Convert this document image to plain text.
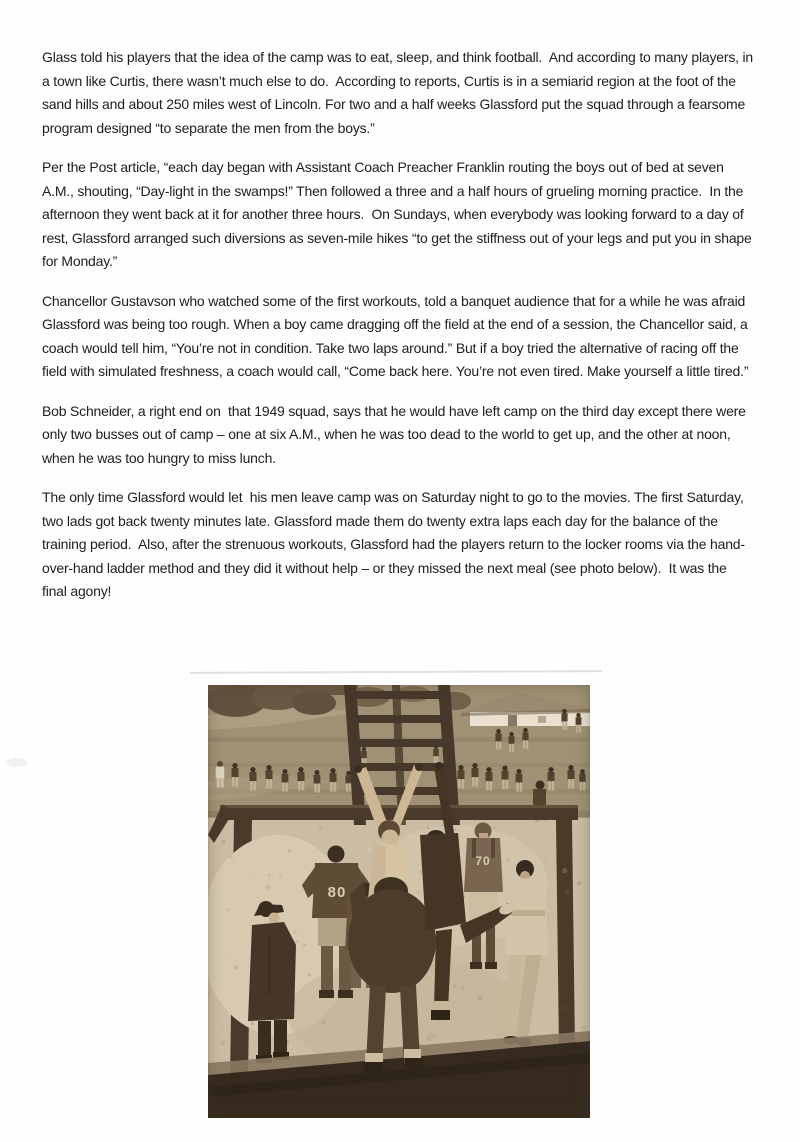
Glass told his players that the idea of the camp was to eat, sleep, and think football.  And according to many players, in a town like Curtis, there wasn’t much else to do.  According to reports, Curtis is in a semiarid region at the foot of the sand hills and about 250 miles west of Lincoln. For two and a half weeks Glassford put the squad through a fearsome program designed “to separate the men from the boys.”

Per the Post article, “each day began with Assistant Coach Preacher Franklin routing the boys out of bed at seven A.M., shouting, “Day-light in the swamps!” Then followed a three and a half hours of grueling morning practice.  In the afternoon they went back at it for another three hours.  On Sundays, when everybody was looking forward to a day of rest, Glassford arranged such diversions as seven-mile hikes “to get the stiffness out of your legs and put you in shape for Monday.”

Chancellor Gustavson who watched some of the first workouts, told a banquet audience that for a while he was afraid Glassford was being too rough. When a boy came dragging off the field at the end of a session, the Chancellor said, a coach would tell him, “You’re not in condition. Take two laps around.” But if a boy tried the alternative of racing off the field with simulated freshness, a coach would call, “Come back here. You’re not even tired. Make yourself a little tired.”

Bob Schneider, a right end on  that 1949 squad, says that he would have left camp on the third day except there were only two busses out of camp – one at six A.M., when he was too dead to the world to get up, and the other at noon, when he was too hungry to miss lunch.

The only time Glassford would let  his men leave camp was on Saturday night to go to the movies. The first Saturday, two lads got back twenty minutes late. Glassford made them do twenty extra laps each day for the balance of the training period.  Also, after the strenuous workouts, Glassford had the players return to the locker rooms via the hand-over-hand ladder method and they did it without help – or they missed the next meal (see photo below).  It was the final agony!

80
70
